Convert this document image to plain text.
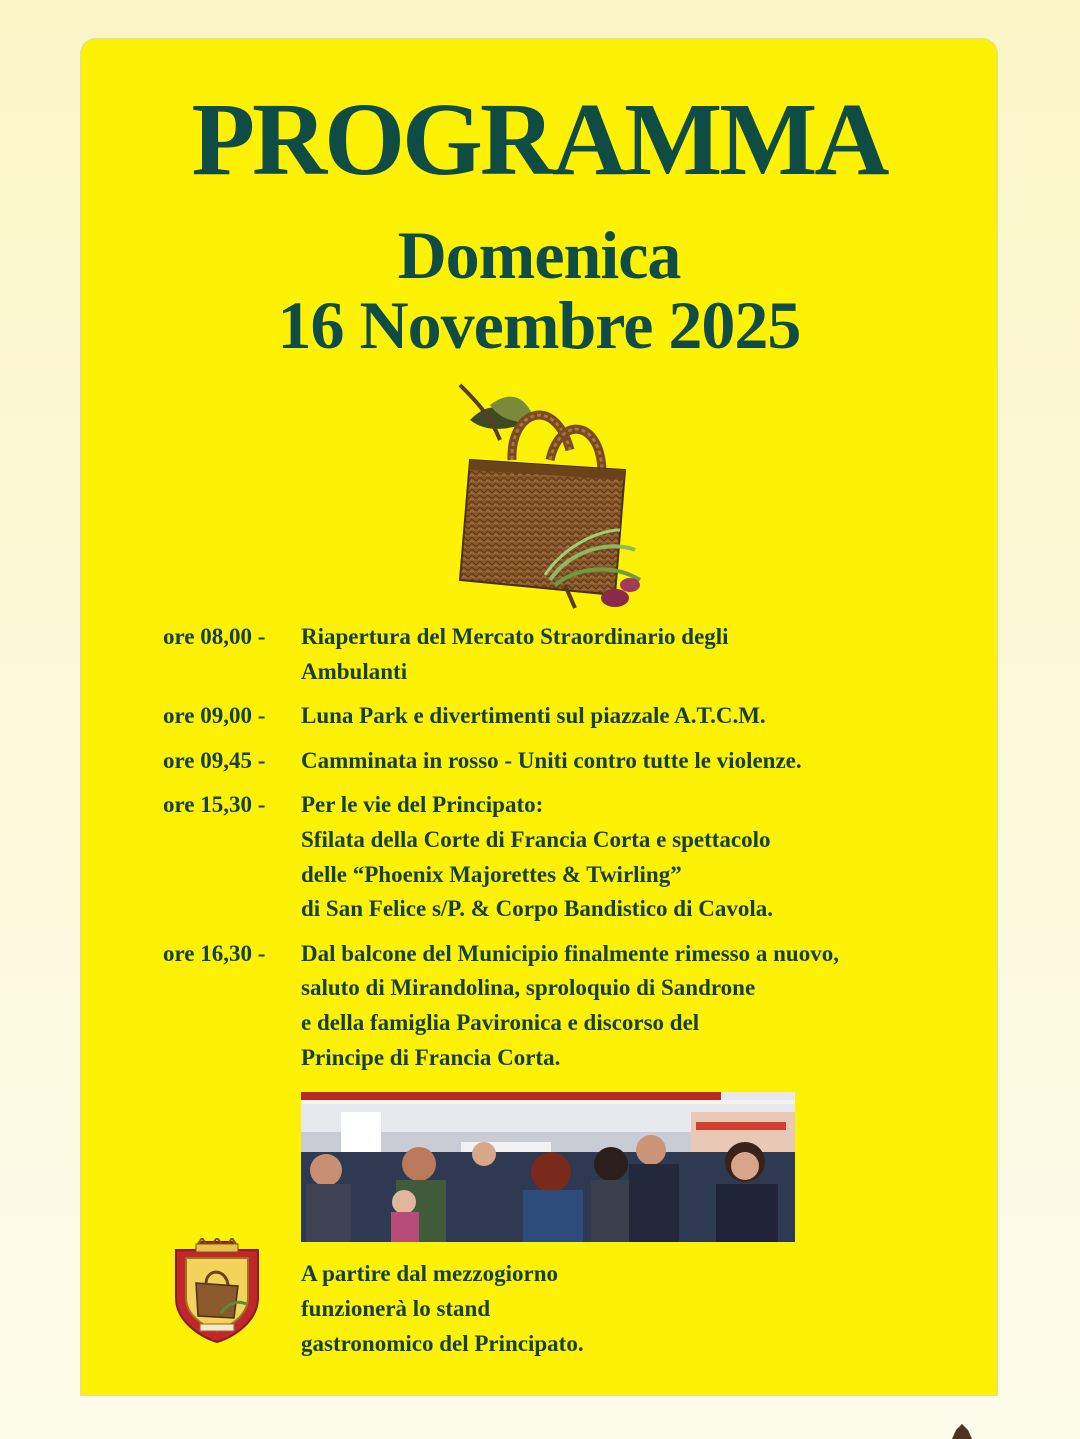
PROGRAMMA
Domenica
16 Novembre 2025
ore 08,00 -	Riapertura del Mercato Straordinario degli
Ambulanti
ore 09,00 -	Luna Park e divertimenti sul piazzale A.T.C.M.
ore 09,45 -	Camminata in rosso - Uniti contro tutte le violenze.
ore 15,30 -	Per le vie del Principato:
Sfilata della Corte di Francia Corta e spettacolo
delle “Phoenix Majorettes & Twirling”
di San Felice s/P. & Corpo Bandistico di Cavola.
ore 16,30 -	Dal balcone del Municipio finalmente rimesso a nuovo,
saluto di Mirandolina, sproloquio di Sandrone
e della famiglia Pavironica e discorso del
Principe di Francia Corta.
A partire dal mezzogiorno
funzionerà lo stand
gastronomico del Principato.
